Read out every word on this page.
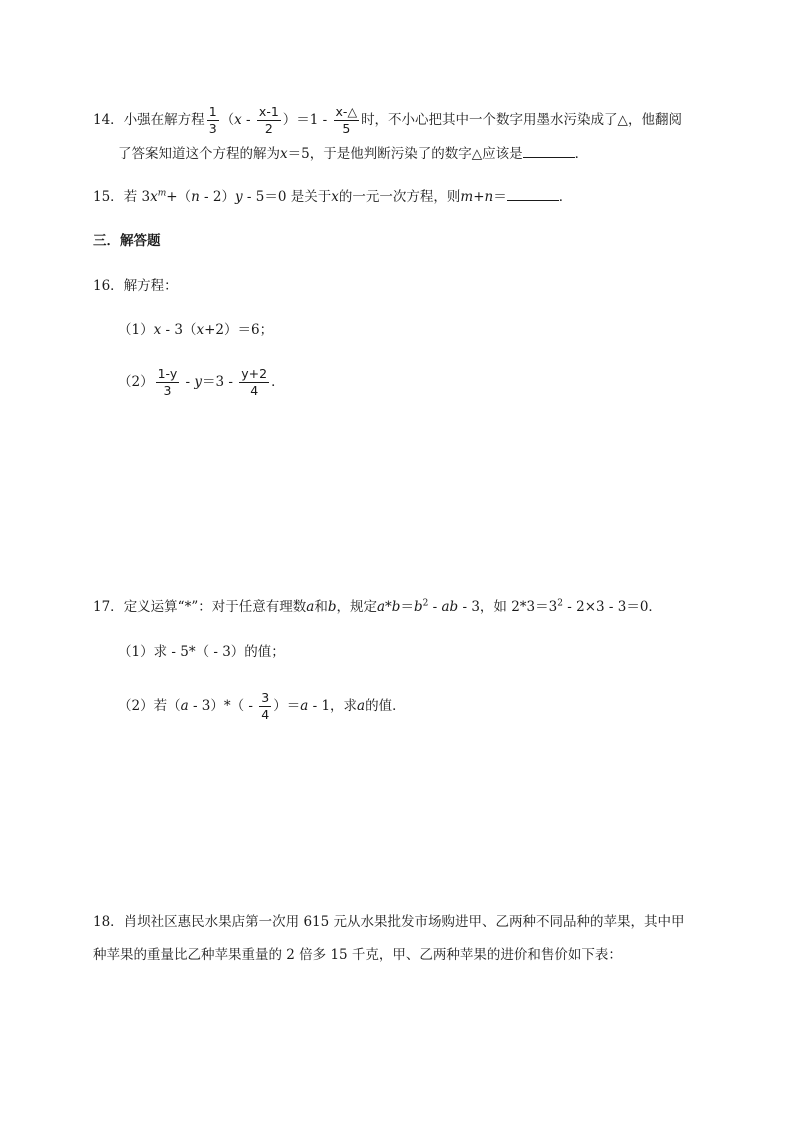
14．小强在解方程 $\frac{1}{3} (x - \frac{x-1}{2} )=1 - \frac{x-\triangle}{5}$ 时，不小心把其中一个数字用墨水污染成了△，他翻阅
了答案知道这个方程的解为x＝5，于是他判断污染了的数字△应该是	．
15．若 $3x^m+(n - 2)y - 5=0$ 是关于x的一元一次方程，则m+n＝	．
三．解答题
16．解方程：
（1）x - 3（x+2）＝6；
$(2) \frac{1-y}{3} - y=3 - \frac{y+2}{4}$ ．
17．定义运算“*”：对于任意有理数a和b，规定$a*b=b^2$ - ab - 3，如 $2*3=3^2 - 2\times 3 - 3=0$．
（1）求 - 5*（ - 3）的值；
（2）若$(a - 3)*( - \frac{3}{4} )=a - 1$，求a的值．
18．肖坝社区惠民水果店第一次用 615 元从水果批发市场购进甲、乙两种不同品种的苹果，其中甲
种苹果的重量比乙种苹果重量的 2 倍多 15 千克，甲、乙两种苹果的进价和售价如下表：
